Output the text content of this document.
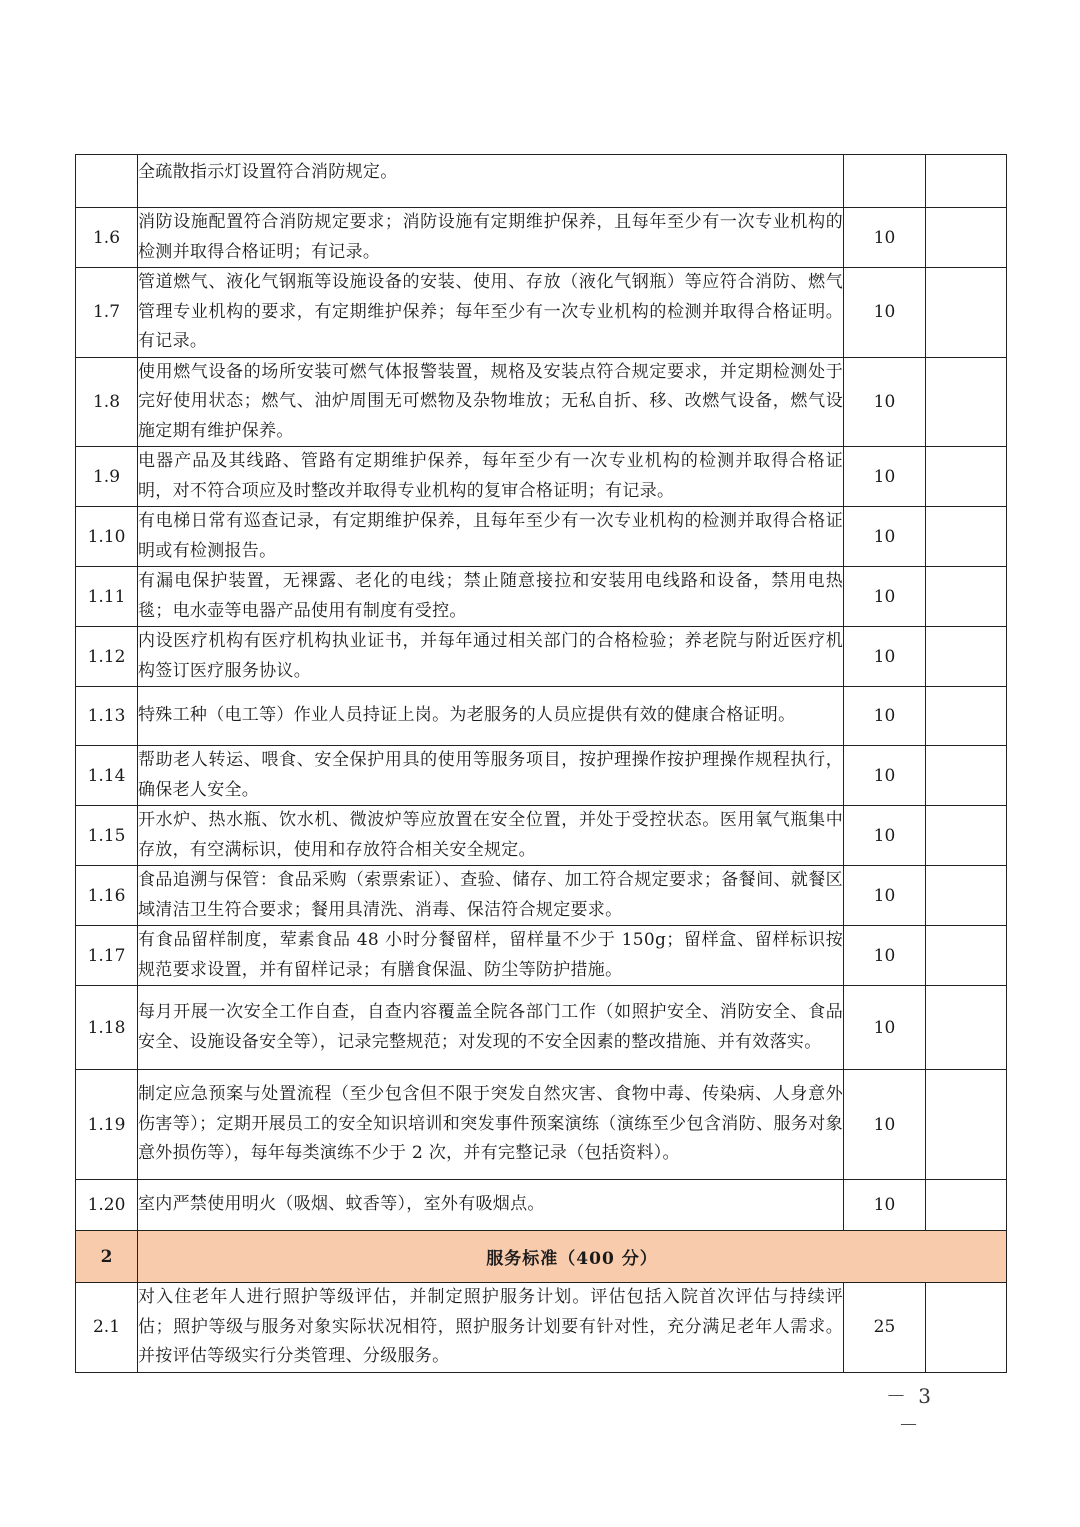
	全疏散指示灯设置符合消防规定。		
1.6	消防设施配置符合消防规定要求；消防设施有定期维护保养，且每年至少有一次专业机构的检测并取得合格证明；有记录。	10	
1.7	管道燃气、液化气钢瓶等设施设备的安装、使用、存放（液化气钢瓶）等应符合消防、燃气管理专业机构的要求，有定期维护保养；每年至少有一次专业机构的检测并取得合格证明。有记录。	10	
1.8	使用燃气设备的场所安装可燃气体报警装置，规格及安装点符合规定要求，并定期检测处于完好使用状态；燃气、油炉周围无可燃物及杂物堆放；无私自折、移、改燃气设备，燃气设施定期有维护保养。	10	
1.9	电器产品及其线路、管路有定期维护保养，每年至少有一次专业机构的检测并取得合格证明，对不符合项应及时整改并取得专业机构的复审合格证明；有记录。	10	
1.10	有电梯日常有巡查记录，有定期维护保养，且每年至少有一次专业机构的检测并取得合格证明或有检测报告。	10	
1.11	有漏电保护装置，无裸露、老化的电线；禁止随意接拉和安装用电线路和设备，禁用电热毯；电水壶等电器产品使用有制度有受控。	10	
1.12	内设医疗机构有医疗机构执业证书，并每年通过相关部门的合格检验；养老院与附近医疗机构签订医疗服务协议。	10	
1.13	特殊工种（电工等）作业人员持证上岗。为老服务的人员应提供有效的健康合格证明。	10	
1.14	帮助老人转运、喂食、安全保护用具的使用等服务项目，按护理操作按护理操作规程执行，确保老人安全。	10	
1.15	开水炉、热水瓶、饮水机、微波炉等应放置在安全位置，并处于受控状态。医用氧气瓶集中存放，有空满标识，使用和存放符合相关安全规定。	10	
1.16	食品追溯与保管：食品采购（索票索证）、查验、储存、加工符合规定要求；备餐间、就餐区域清洁卫生符合要求；餐用具清洗、消毒、保洁符合规定要求。	10	
1.17	有食品留样制度，荤素食品 48 小时分餐留样，留样量不少于 150g；留样盒、留样标识按规范要求设置，并有留样记录；有膳食保温、防尘等防护措施。	10	
1.18	每月开展一次安全工作自查，自查内容覆盖全院各部门工作（如照护安全、消防安全、食品安全、设施设备安全等），记录完整规范；对发现的不安全因素的整改措施、并有效落实。	10	
1.19	制定应急预案与处置流程（至少包含但不限于突发自然灾害、食物中毒、传染病、人身意外伤害等）；定期开展员工的安全知识培训和突发事件预案演练（演练至少包含消防、服务对象意外损伤等），每年每类演练不少于 2 次，并有完整记录（包括资料）。	10	
1.20	室内严禁使用明火（吸烟、蚊香等），室外有吸烟点。	10	
2	服务标准（400 分）		
2.1	对入住老年人进行照护等级评估，并制定照护服务计划。评估包括入院首次评估与持续评估；照护等级与服务对象实际状况相符，照护服务计划要有针对性，充分满足老年人需求。并按评估等级实行分类管理、分级服务。	25	
－ 3 －
